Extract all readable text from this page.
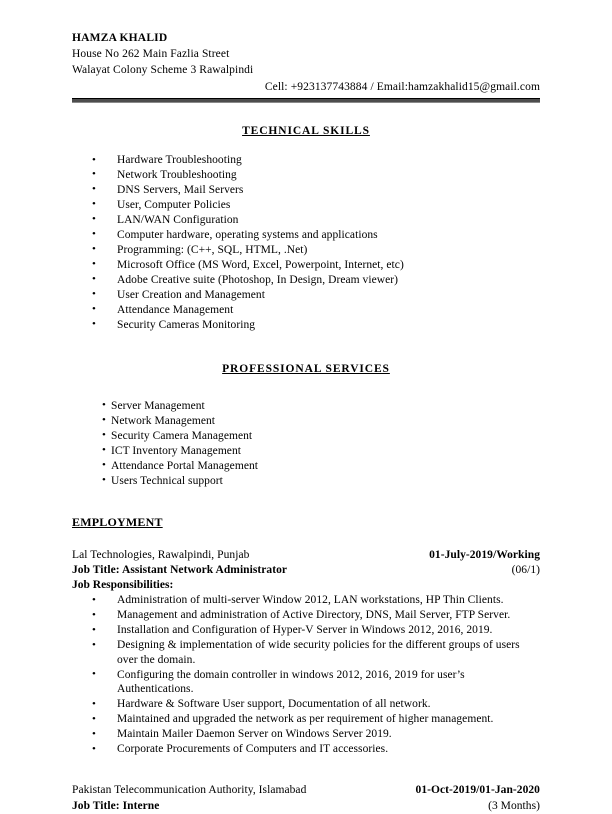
HAMZA KHALID
House No 262 Main Fazlia Street
Walayat Colony Scheme 3 Rawalpindi
Cell: +923137743884 / Email:hamzakhalid15@gmail.com
TECHNICAL SKILLS
• Hardware Troubleshooting
• Network Troubleshooting
• DNS Servers, Mail Servers
• User, Computer Policies
• LAN/WAN Configuration
• Computer hardware, operating systems and applications
• Programming: (C++, SQL, HTML, .Net)
• Microsoft Office (MS Word, Excel, Powerpoint, Internet, etc)
• Adobe Creative suite (Photoshop, In Design, Dream viewer)
• User Creation and Management
• Attendance Management
• Security Cameras Monitoring
PROFESSIONAL SERVICES
• Server Management
• Network Management
• Security Camera Management
• ICT Inventory Management
• Attendance Portal Management
• Users Technical support
EMPLOYMENT
Lal Technologies, Rawalpindi, Punjab	01-July-2019/Working
Job Title: Assistant Network Administrator	(06/1)
Job Responsibilities:
• Administration of multi-server Window 2012, LAN workstations, HP Thin Clients.
• Management and administration of Active Directory, DNS, Mail Server, FTP Server.
• Installation and Configuration of Hyper-V Server in Windows 2012, 2016, 2019.
• Designing & implementation of wide security policies for the different groups of users over the domain.
• Configuring the domain controller in windows 2012, 2016, 2019 for user’s Authentications.
• Hardware & Software User support, Documentation of all network.
• Maintained and upgraded the network as per requirement of higher management.
• Maintain Mailer Daemon Server on Windows Server 2019.
• Corporate Procurements of Computers and IT accessories.
Pakistan Telecommunication Authority, Islamabad	01-Oct-2019/01-Jan-2020
Job Title: Interne	(3 Months)
